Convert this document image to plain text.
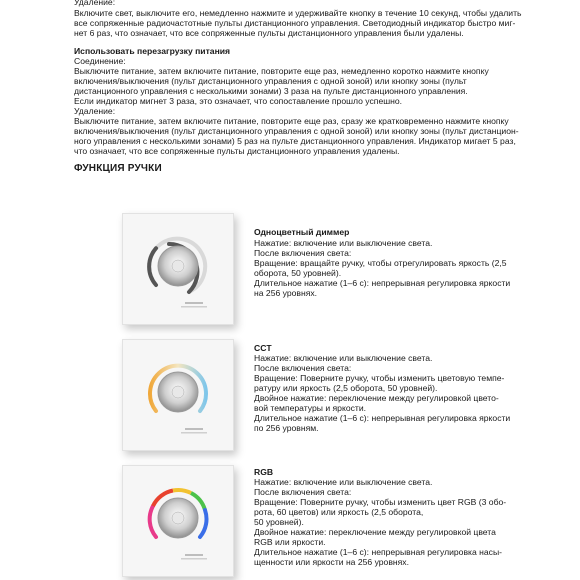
Удаление:
Включите свет, выключите его, немедленно нажмите и удерживайте кнопку в течение 10 секунд, чтобы удалить
все сопряженные радиочастотные пульты дистанционного управления. Светодиодный индикатор быстро миг-
нет 6 раз, что означает, что все сопряженные пульты дистанционного управления были удалены.
Использовать перезагрузку питания
Соединение:
Выключите питание, затем включите питание, повторите еще раз, немедленно коротко нажмите кнопку
включения/выключения (пульт дистанционного управления с одной зоной) или кнопку зоны (пульт
дистанционного управления с несколькими зонами) 3 раза на пульте дистанционного управления.
Если индикатор мигнет 3 раза, это означает, что сопоставление прошло успешно.
Удаление:
Выключите питание, затем включите питание, повторите еще раз, сразу же кратковременно нажмите кнопку
включения/выключения (пульт дистанционного управления с одной зоной) или кнопку зоны (пульт дистанцион-
ного управления с несколькими зонами) 5 раз на пульте дистанционного управления. Индикатор мигает 5 раз,
что означает, что все сопряженные пульты дистанционного управления удалены.
ФУНКЦИЯ РУЧКИ
Одноцветный диммер
Нажатие: включение или выключение света.
После включения света:
Вращение: вращайте ручку, чтобы отрегулировать яркость (2,5
оборота, 50 уровней).
Длительное нажатие (1–6 с): непрерывная регулировка яркости
на 256 уровнях.
CCT
Нажатие: включение или выключение света.
После включения света:
Вращение: Поверните ручку, чтобы изменить цветовую темпе-
ратуру или яркость (2,5 оборота, 50 уровней).
Двойное нажатие: переключение между регулировкой цвето-
вой температуры и яркости.
Длительное нажатие (1–6 с): непрерывная регулировка яркости
по 256 уровням.
RGB
Нажатие: включение или выключение света.
После включения света:
Вращение: Поверните ручку, чтобы изменить цвет RGB (3 обо-
рота, 60 цветов) или яркость (2,5 оборота,
50 уровней).
Двойное нажатие: переключение между регулировкой цвета
RGB или яркости.
Длительное нажатие (1–6 с): непрерывная регулировка насы-
щенности или яркости на 256 уровнях.
